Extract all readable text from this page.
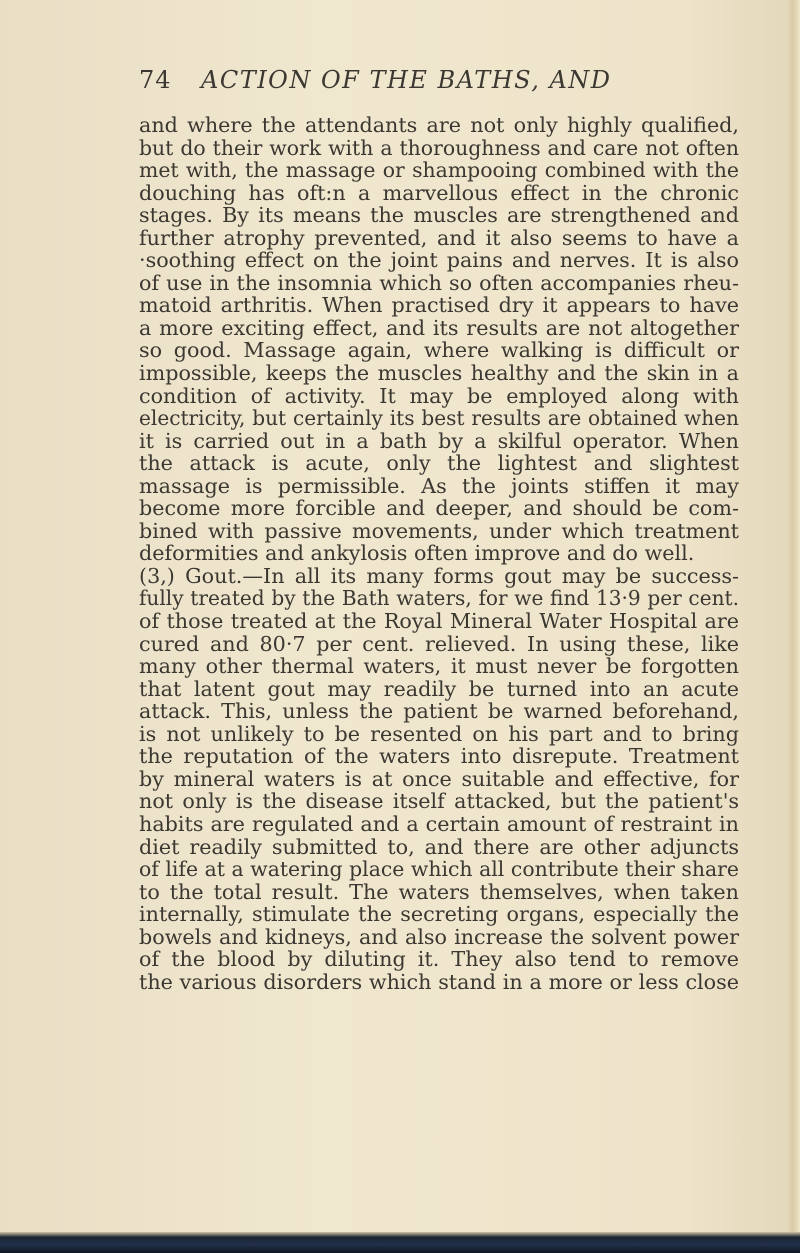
74 ACTION OF THE BATHS, AND
and where the attendants are not only highly qualified,
but do their work with a thoroughness and care not often
met with, the massage or shampooing combined with the
douching has oft:n a marvellous effect in the chronic
stages. By its means the muscles are strengthened and
further atrophy prevented, and it also seems to have a
·soothing effect on the joint pains and nerves. It is also
of use in the insomnia which so often accompanies rheu-
matoid arthritis. When practised dry it appears to have
a more exciting effect, and its results are not altogether
so good. Massage again, where walking is difficult or
impossible, keeps the muscles healthy and the skin in a
condition of activity. It may be employed along with
electricity, but certainly its best results are obtained when
it is carried out in a bath by a skilful operator. When
the attack is acute, only the lightest and slightest
massage is permissible. As the joints stiffen it may
become more forcible and deeper, and should be com-
bined with passive movements, under which treatment
deformities and ankylosis often improve and do well.
(3,) Gout.—In all its many forms gout may be success-
fully treated by the Bath waters, for we find 13·9 per cent.
of those treated at the Royal Mineral Water Hospital are
cured and 80·7 per cent. relieved. In using these, like
many other thermal waters, it must never be forgotten
that latent gout may readily be turned into an acute
attack. This, unless the patient be warned beforehand,
is not unlikely to be resented on his part and to bring
the reputation of the waters into disrepute. Treatment
by mineral waters is at once suitable and effective, for
not only is the disease itself attacked, but the patient's
habits are regulated and a certain amount of restraint in
diet readily submitted to, and there are other adjuncts
of life at a watering place which all contribute their share
to the total result. The waters themselves, when taken
internally, stimulate the secreting organs, especially the
bowels and kidneys, and also increase the solvent power
of the blood by diluting it. They also tend to remove
the various disorders which stand in a more or less close
